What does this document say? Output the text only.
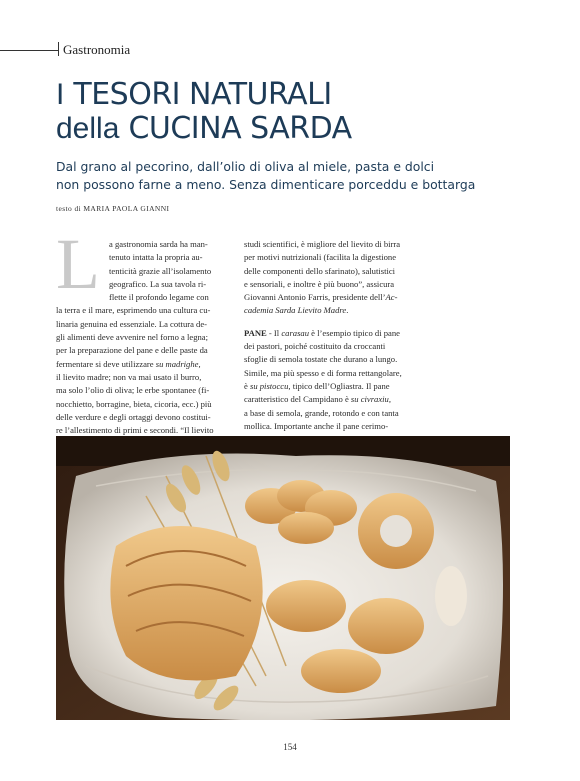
Gastronomia
I TESORI NATURALI
della CUCINA SARDA
Dal grano al pecorino, dall’olio di oliva al miele, pasta e dolci
non possono farne a meno. Senza dimenticare porceddu e bottarga
testo di MARIA PAOLA GIANNI
L	a gastronomia sarda ha man-
tenuto intatta la propria au-
tenticità grazie all’isolamento
geografico. La sua tavola ri-
flette il profondo legame con
la terra e il mare, esprimendo una cultura cu-
linaria genuina ed essenziale. La cottura de-
gli alimenti deve avvenire nel forno a legna;
per la preparazione del pane e delle paste da
fermentare si deve utilizzare su madrighe,
il lievito madre; non va mai usato il burro,
ma solo l’olio di oliva; le erbe spontanee (fi-
nocchietto, borragine, bieta, cicoria, ecc.) più
delle verdure e degli ortaggi devono costitui-
re l’allestimento di primi e secondi. “Il lievito
studi scientifici, è migliore del lievito di birra
per motivi nutrizionali (facilita la digestione
delle componenti dello sfarinato), salutistici
e sensoriali, e inoltre è più buono”, assicura
Giovanni Antonio Farris, presidente dell’Ac-
cademia Sarda Lievito Madre.
PANE - Il carasau è l’esempio tipico di pane
dei pastori, poiché costituito da croccanti
sfoglie di semola tostate che durano a lungo.
Simile, ma più spesso e di forma rettangolare,
è su pistoccu, tipico dell’Ogliastra. Il pane
caratteristico del Campidano è su civraxiu,
a base di semola, grande, rotondo e con tanta
mollica. Importante anche il pane cerimo-
154
